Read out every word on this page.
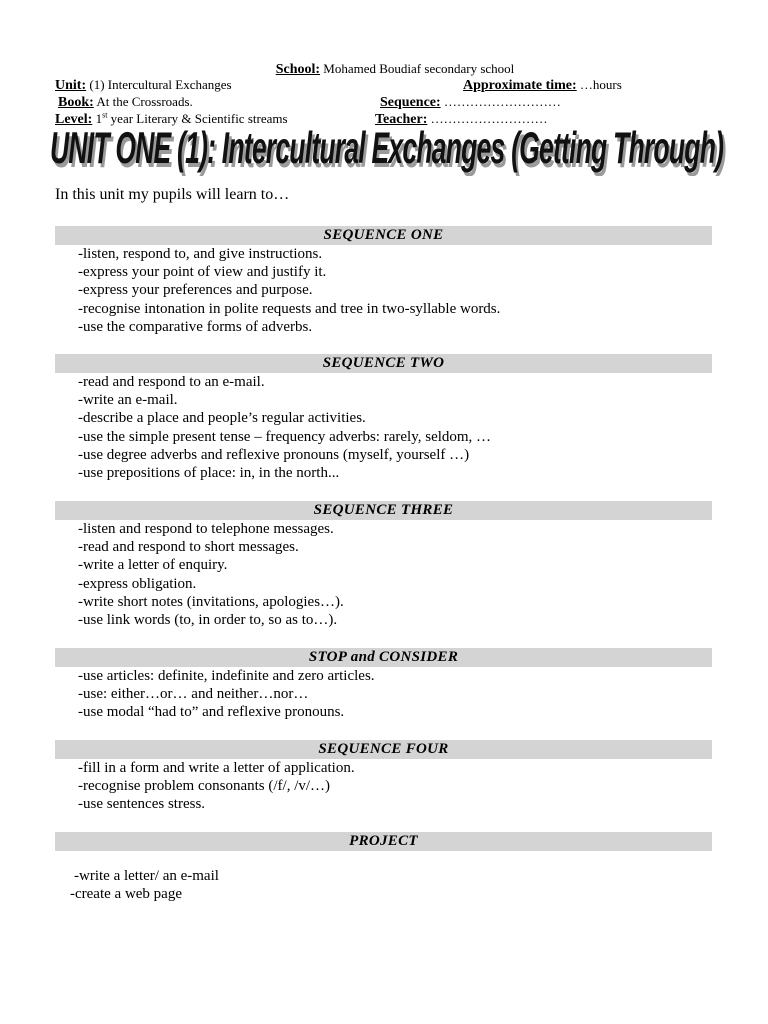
School: Mohamed Boudiaf secondary school
Unit: (1) Intercultural Exchanges	Approximate time: …hours
Book: At the Crossroads.	Sequence: ………………………
Level: 1st year Literary & Scientific streams	Teacher: ………………………
UNIT ONE (1): Intercultural Exchanges (Getting Through)
In this unit my pupils will learn to…
SEQUENCE ONE
-listen, respond to, and give instructions.
-express your point of view and justify it.
-express your preferences and purpose.
-recognise intonation in polite requests and tree in two-syllable words.
-use the comparative forms of adverbs.
SEQUENCE TWO
-read and respond to an e-mail.
-write an e-mail.
-describe a place and people’s regular activities.
-use the simple present tense – frequency adverbs: rarely, seldom, …
-use degree adverbs and reflexive pronouns (myself, yourself …)
-use prepositions of place: in, in the north...
SEQUENCE THREE
-listen and respond to telephone messages.
-read and respond to short messages.
-write a letter of enquiry.
-express obligation.
-write short notes (invitations, apologies…).
-use link words (to, in order to, so as to…).
STOP and CONSIDER
-use articles: definite, indefinite and zero articles.
-use: either…or… and neither…nor…
-use modal “had to” and reflexive pronouns.
SEQUENCE FOUR
-fill in a form and write a letter of application.
-recognise problem consonants (/f/, /v/…)
-use sentences stress.
PROJECT
-write a letter/ an e-mail
-create a web page
